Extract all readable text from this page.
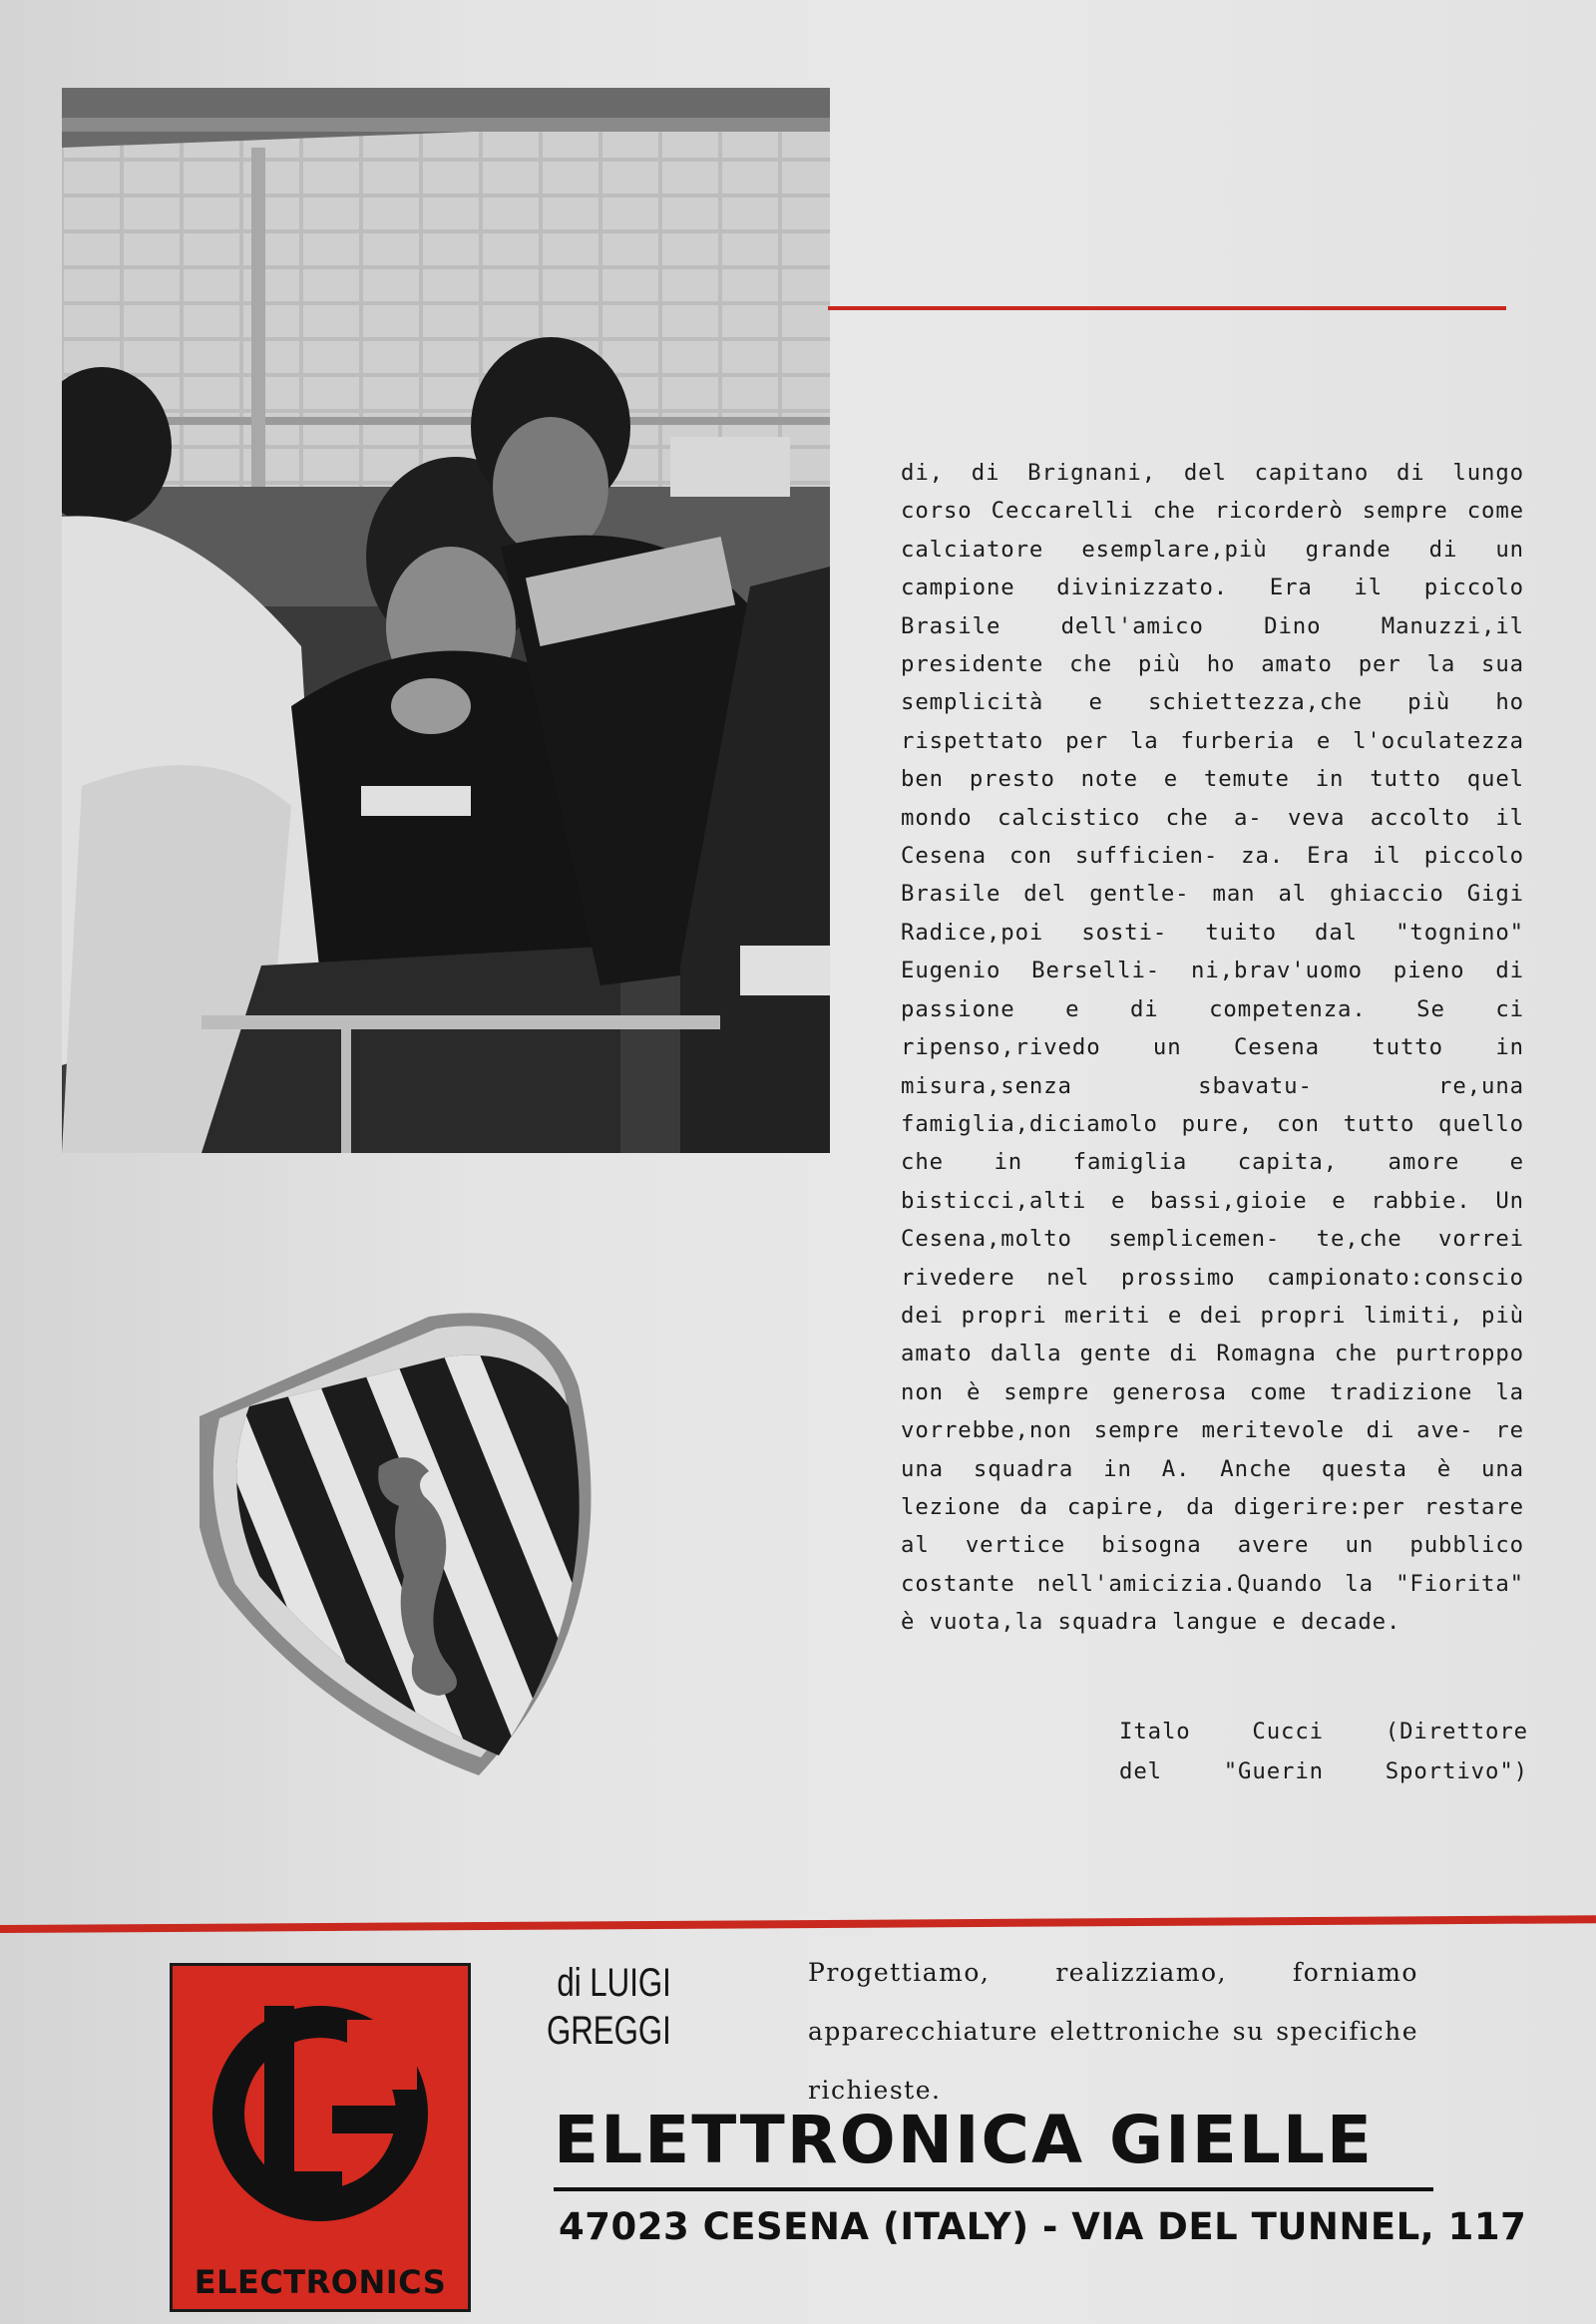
di, di Brignani, del capitano di lungo corso Ceccarelli che ricorderò sempre come calciatore esemplare,più grande di un campione divinizzato. Era il piccolo Brasile dell'amico Dino Manuzzi,il presidente che più ho amato per la sua semplicità e schiettezza,che più ho rispettato per la furberia e l'oculatezza ben presto note e temute in tutto quel mondo calcistico che a- veva accolto il Cesena con sufficien- za. Era il piccolo Brasile del gentle- man al ghiaccio Gigi Radice,poi sosti- tuito dal "tognino" Eugenio Berselli- ni,brav'uomo pieno di passione e di competenza. Se ci ripenso,rivedo un Cesena tutto in misura,senza sbavatu- re,una famiglia,diciamolo pure, con tutto quello che in famiglia capita, amore e bisticci,alti e bassi,gioie e rabbie. Un Cesena,molto semplicemen- te,che vorrei rivedere nel prossimo campionato:conscio dei propri meriti e dei propri limiti, più amato dalla gente di Romagna che purtroppo non è sempre generosa come tradizione la vorrebbe,non sempre meritevole di ave- re una squadra in A. Anche questa è una lezione da capire, da digerire:per restare al vertice bisogna avere un pubblico costante nell'amicizia.Quando la "Fiorita" è vuota,la squadra langue e decade.

Italo	Cucci	(Direttore
del	"Guerin	Sportivo")
ELECTRONICS
di LUIGI
GREGGI
Progettiamo, realizziamo, forniamo apparecchiature elettroniche su specifiche richieste.
ELETTRONICA GIELLE
47023 CESENA (ITALY) - VIA DEL TUNNEL, 117
